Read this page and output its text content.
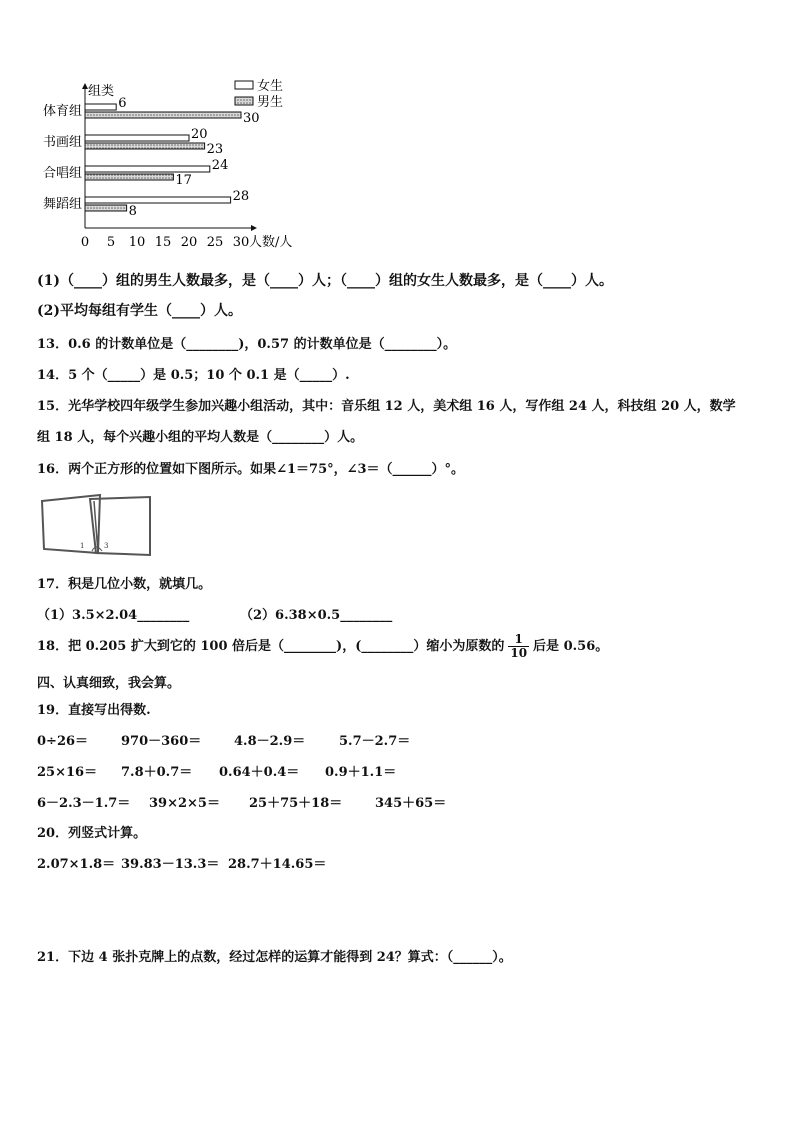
组类
0 5 10 15 20 25 30 人数/人
体育组
6
30
书画组
20
23
合唱组
24
17
舞蹈组
28
8
女生
男生
(1)（____）组的男生人数最多，是（____）人；（____）组的女生人数最多，是（____）人。
(2)平均每组有学生（____）人。
13．0.6 的计数单位是（________)，0.57 的计数单位是（________）。
14．5 个（_____）是 0.5；10 个 0.1 是（_____）.
15．光华学校四年级学生参加兴趣小组活动，其中：音乐组 12 人，美术组 16 人，写作组 24 人，科技组 20 人，数学
组 18 人，每个兴趣小组的平均人数是（________）人。
16．两个正方形的位置如下图所示。如果∠1＝75°，∠3＝（______）°。
1	3
17．积是几位小数，就填几。
（1）3.5×2.04________	（2）6.38×0.5________
18．把 0.205 扩大到它的 100 倍后是（________)，(________）缩小为原数的 $\frac{1}{10}$ 后是 0.56。
四、认真细致，我会算。
19．直接写出得数.
0÷26＝	970－360＝	4.8－2.9＝	5.7－2.7＝
25×16＝ 7.8＋0.7＝ 0.64＋0.4＝ 0.9＋1.1＝
6－2.3－1.7＝ 39×2×5＝ 25＋75＋18＝	345＋65＝
20．列竖式计算。
2.07×1.8＝ 39.83－13.3＝ 28.7＋14.65＝
21．下边 4 张扑克牌上的点数，经过怎样的运算才能得到 24？算式：（______）。
